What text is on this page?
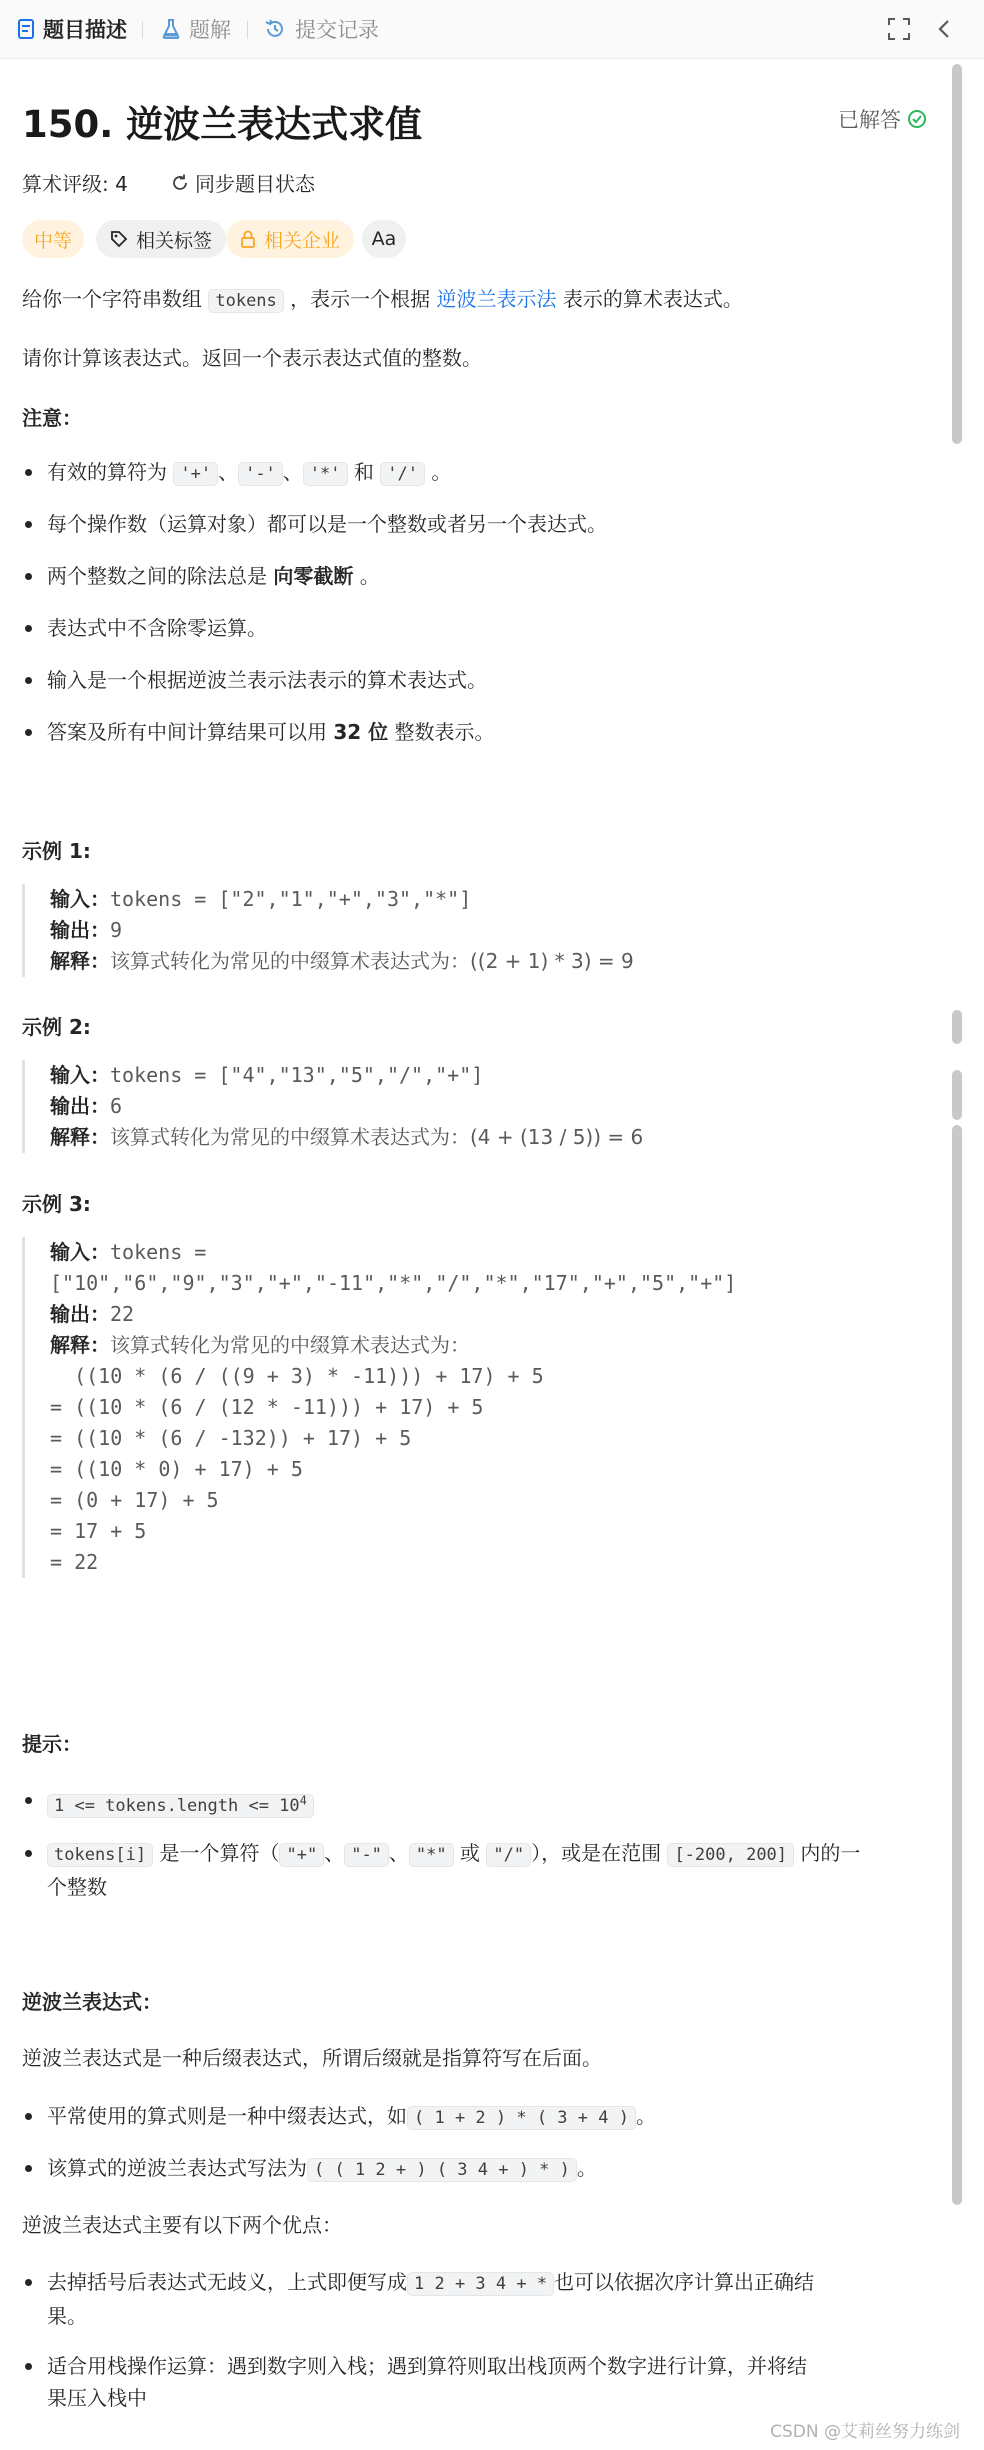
题目描述	题解	提交记录
150. 逆波兰表达式求值	已解答
算术评级: 4	同步题目状态
中等	相关标签	相关企业 Aa
给你一个字符串数组 tokens ，表示一个根据 逆波兰表示法 表示的算术表达式。
请你计算该表达式。返回一个表示表达式值的整数。
注意：
有效的算符为 '+' 、 '-' 、 '*' 和 '/' 。
每个操作数（运算对象）都可以是一个整数或者另一个表达式。
两个整数之间的除法总是 向零截断 。
表达式中不含除零运算。
输入是一个根据逆波兰表示法表示的算术表达式。
答案及所有中间计算结果可以用 32 位 整数表示。
示例 1:
输入：tokens = ["2","1","+","3","*"]
输出：9
解释：该算式转化为常见的中缀算术表达式为：((2 + 1) * 3) = 9
示例 2:
输入：tokens = ["4","13","5","/","+"]
输出：6
解释：该算式转化为常见的中缀算术表达式为：(4 + (13 / 5)) = 6
示例 3:
输入：tokens =
["10","6","9","3","+","-11","*","/","*","17","+","5","+"]
输出：22
解释：该算式转化为常见的中缀算术表达式为：
((10 * (6 / ((9 + 3) * -11))) + 17) + 5
= ((10 * (6 / (12 * -11))) + 17) + 5
= ((10 * (6 / -132)) + 17) + 5
= ((10 * 0) + 17) + 5
= (0 + 17) + 5
= 17 + 5
= 22
提示：
1 <= tokens.length <= $10^4$
tokens[i] 是一个算符（ "+" 、 "-" 、 "*" 或 "/" ），或是在范围 [-200, 200] 内的一
个整数
逆波兰表达式：
逆波兰表达式是一种后缀表达式，所谓后缀就是指算符写在后面。
平常使用的算式则是一种中缀表达式，如 ( 1 + 2 ) * ( 3 + 4 ) 。
该算式的逆波兰表达式写法为 ( ( 1 2 + ) ( 3 4 + ) * ) 。
逆波兰表达式主要有以下两个优点：
去掉括号后表达式无歧义，上式即便写成 1 2 + 3 4 + * 也可以依据次序计算出正确结
果。
适合用栈操作运算：遇到数字则入栈；遇到算符则取出栈顶两个数字进行计算，并将结
果压入栈中
CSDN @艾莉丝努力练剑
